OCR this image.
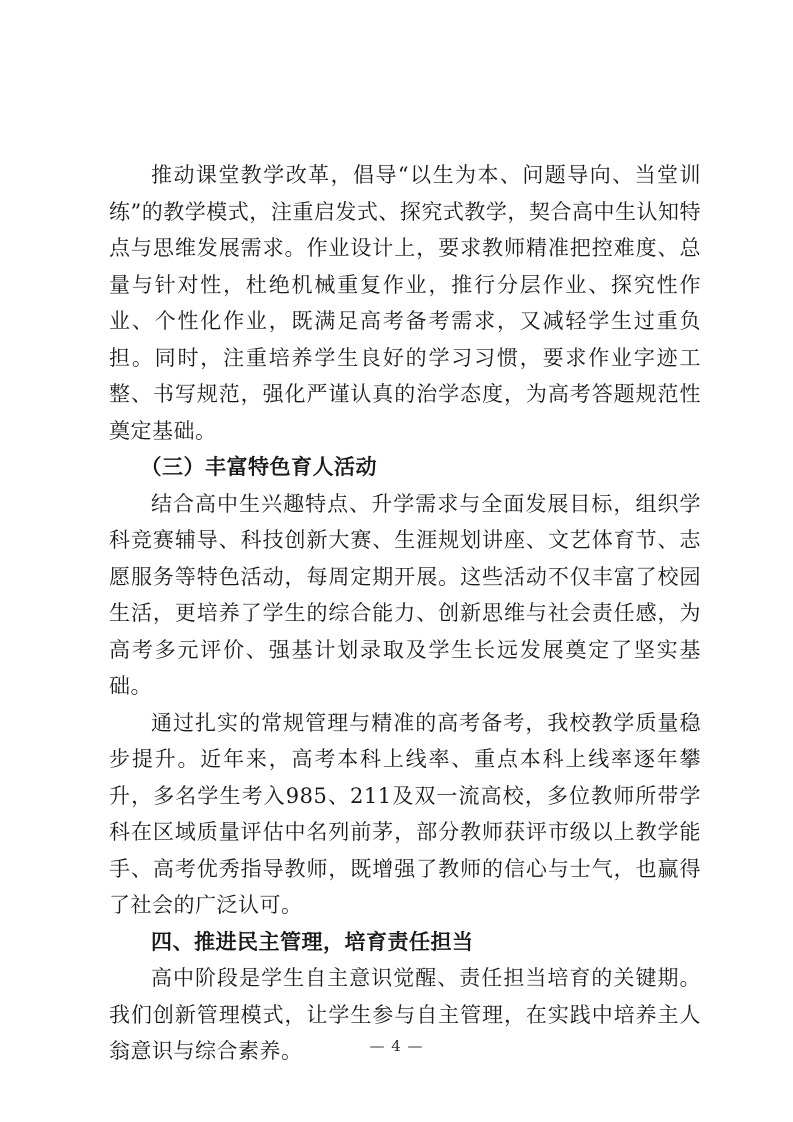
推动课堂教学改革，倡导“以生为本、问题导向、当堂训练”的教学模式，注重启发式、探究式教学，契合高中生认知特点与思维发展需求。作业设计上，要求教师精准把控难度、总量与针对性，杜绝机械重复作业，推行分层作业、探究性作业、个性化作业，既满足高考备考需求，又减轻学生过重负担。同时，注重培养学生良好的学习习惯，要求作业字迹工整、书写规范，强化严谨认真的治学态度，为高考答题规范性奠定基础。

（三）丰富特色育人活动

结合高中生兴趣特点、升学需求与全面发展目标，组织学科竞赛辅导、科技创新大赛、生涯规划讲座、文艺体育节、志愿服务等特色活动，每周定期开展。这些活动不仅丰富了校园生活，更培养了学生的综合能力、创新思维与社会责任感，为高考多元评价、强基计划录取及学生长远发展奠定了坚实基础。

通过扎实的常规管理与精准的高考备考，我校教学质量稳步提升。近年来，高考本科上线率、重点本科上线率逐年攀升，多名学生考入985、211及双一流高校，多位教师所带学科在区域质量评估中名列前茅，部分教师获评市级以上教学能手、高考优秀指导教师，既增强了教师的信心与士气，也赢得了社会的广泛认可。

四、推进民主管理，培育责任担当

高中阶段是学生自主意识觉醒、责任担当培育的关键期。我们创新管理模式，让学生参与自主管理，在实践中培养主人翁意识与综合素养。	— 4 —
